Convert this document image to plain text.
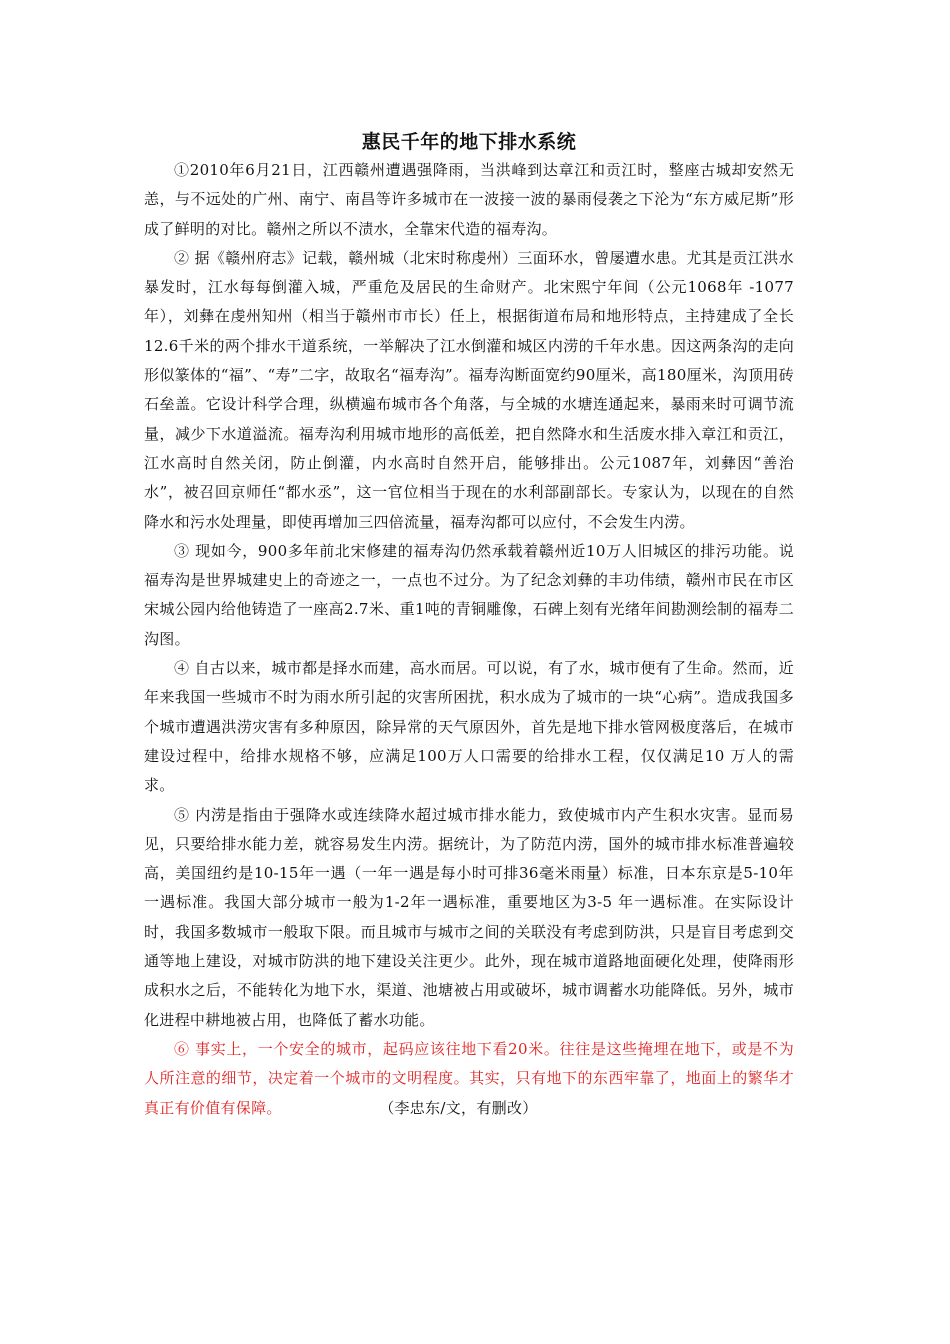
惠民千年的地下排水系统

①2010年6月21日，江西赣州遭遇强降雨，当洪峰到达章江和贡江时，整座古城却安然无恙，与不远处的广州、南宁、南昌等许多城市在一波接一波的暴雨侵袭之下沦为“东方威尼斯”形成了鲜明的对比。赣州之所以不渍水，全靠宋代造的福寿沟。

② 据《赣州府志》记载，赣州城（北宋时称虔州）三面环水，曾屡遭水患。尤其是贡江洪水暴发时，江水每每倒灌入城，严重危及居民的生命财产。北宋熙宁年间（公元1068年 -1077年），刘彝在虔州知州（相当于赣州市市长）任上，根据街道布局和地形特点，主持建成了全长12.6千米的两个排水干道系统，一举解决了江水倒灌和城区内涝的千年水患。因这两条沟的走向形似篆体的“福”、“寿”二字，故取名“福寿沟”。福寿沟断面宽约90厘米，高180厘米，沟顶用砖石垒盖。它设计科学合理，纵横遍布城市各个角落，与全城的水塘连通起来，暴雨来时可调节流量，减少下水道溢流。福寿沟利用城市地形的高低差，把自然降水和生活废水排入章江和贡江，江水高时自然关闭，防止倒灌，内水高时自然开启，能够排出。公元1087年，刘彝因“善治水”，被召回京师任“都水丞”，这一官位相当于现在的水利部副部长。专家认为，以现在的自然降水和污水处理量，即使再增加三四倍流量，福寿沟都可以应付，不会发生内涝。

③ 现如今，900多年前北宋修建的福寿沟仍然承载着赣州近10万人旧城区的排污功能。说福寿沟是世界城建史上的奇迹之一，一点也不过分。为了纪念刘彝的丰功伟绩，赣州市民在市区宋城公园内给他铸造了一座高2.7米、重1吨的青铜雕像，石碑上刻有光绪年间勘测绘制的福寿二沟图。

④ 自古以来，城市都是择水而建，高水而居。可以说，有了水，城市便有了生命。然而，近年来我国一些城市不时为雨水所引起的灾害所困扰，积水成为了城市的一块“心病”。造成我国多个城市遭遇洪涝灾害有多种原因，除异常的天气原因外，首先是地下排水管网极度落后，在城市建设过程中，给排水规格不够，应满足100万人口需要的给排水工程，仅仅满足10 万人的需求。

⑤ 内涝是指由于强降水或连续降水超过城市排水能力，致使城市内产生积水灾害。显而易见，只要给排水能力差，就容易发生内涝。据统计，为了防范内涝，国外的城市排水标准普遍较高，美国纽约是10-15年一遇（一年一遇是每小时可排36毫米雨量）标准，日本东京是5-10年一遇标准。我国大部分城市一般为1-2年一遇标准，重要地区为3-5 年一遇标准。在实际设计时，我国多数城市一般取下限。而且城市与城市之间的关联没有考虑到防洪，只是盲目考虑到交通等地上建设，对城市防洪的地下建设关注更少。此外，现在城市道路地面硬化处理，使降雨形成积水之后，不能转化为地下水，渠道、池塘被占用或破坏，城市调蓄水功能降低。另外，城市化进程中耕地被占用，也降低了蓄水功能。

⑥ 事实上，一个安全的城市，起码应该往地下看20米。往往是这些掩埋在地下，或是不为人所注意的细节，决定着一个城市的文明程度。其实，只有地下的东西牢靠了，地面上的繁华才真正有价值有保障。	（李忠东/文，有删改）
